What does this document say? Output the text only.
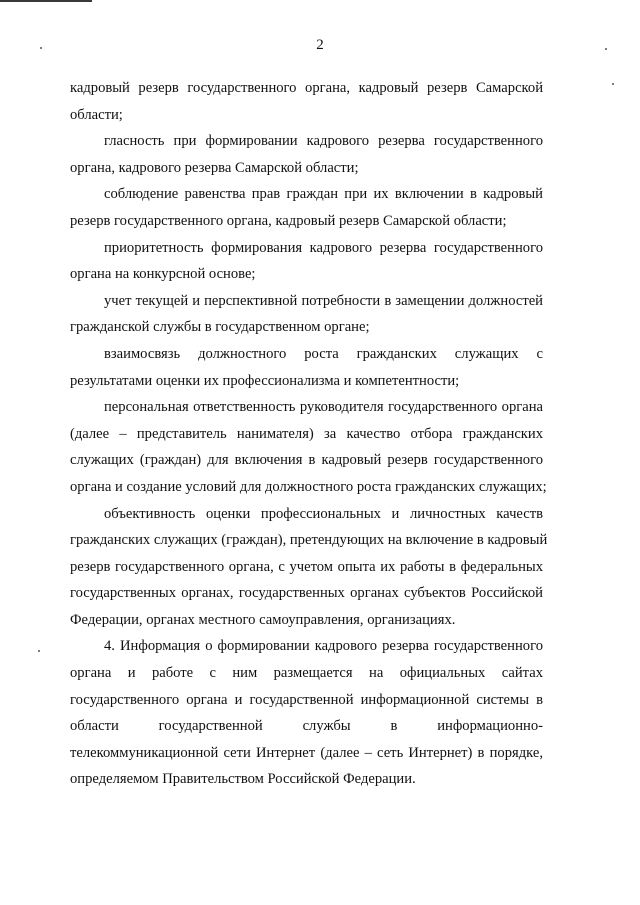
2
кадровый резерв государственного органа, кадровый резерв Самарской
области;
гласность при формировании кадрового резерва государственного
органа, кадрового резерва Самарской области;
соблюдение равенства прав граждан при их включении в кадровый
резерв государственного органа, кадровый резерв Самарской области;
приоритетность формирования кадрового резерва государственного
органа на конкурсной основе;
учет текущей и перспективной потребности в замещении должностей
гражданской службы в государственном органе;
взаимосвязь должностного роста гражданских служащих с
результатами оценки их профессионализма и компетентности;
персональная ответственность руководителя государственного органа
(далее – представитель нанимателя) за качество отбора гражданских
служащих (граждан) для включения в кадровый резерв государственного
органа и создание условий для должностного роста гражданских служащих;
объективность оценки профессиональных и личностных качеств
гражданских служащих (граждан), претендующих на включение в кадровый
резерв государственного органа, с учетом опыта их работы в федеральных
государственных органах, государственных органах субъектов Российской
Федерации, органах местного самоуправления, организациях.
4. Информация о формировании кадрового резерва государственного
органа и работе с ним размещается на официальных сайтах
государственного органа и государственной информационной системы в
области государственной службы в информационно-
телекоммуникационной сети Интернет (далее – сеть Интернет) в порядке,
определяемом Правительством Российской Федерации.
